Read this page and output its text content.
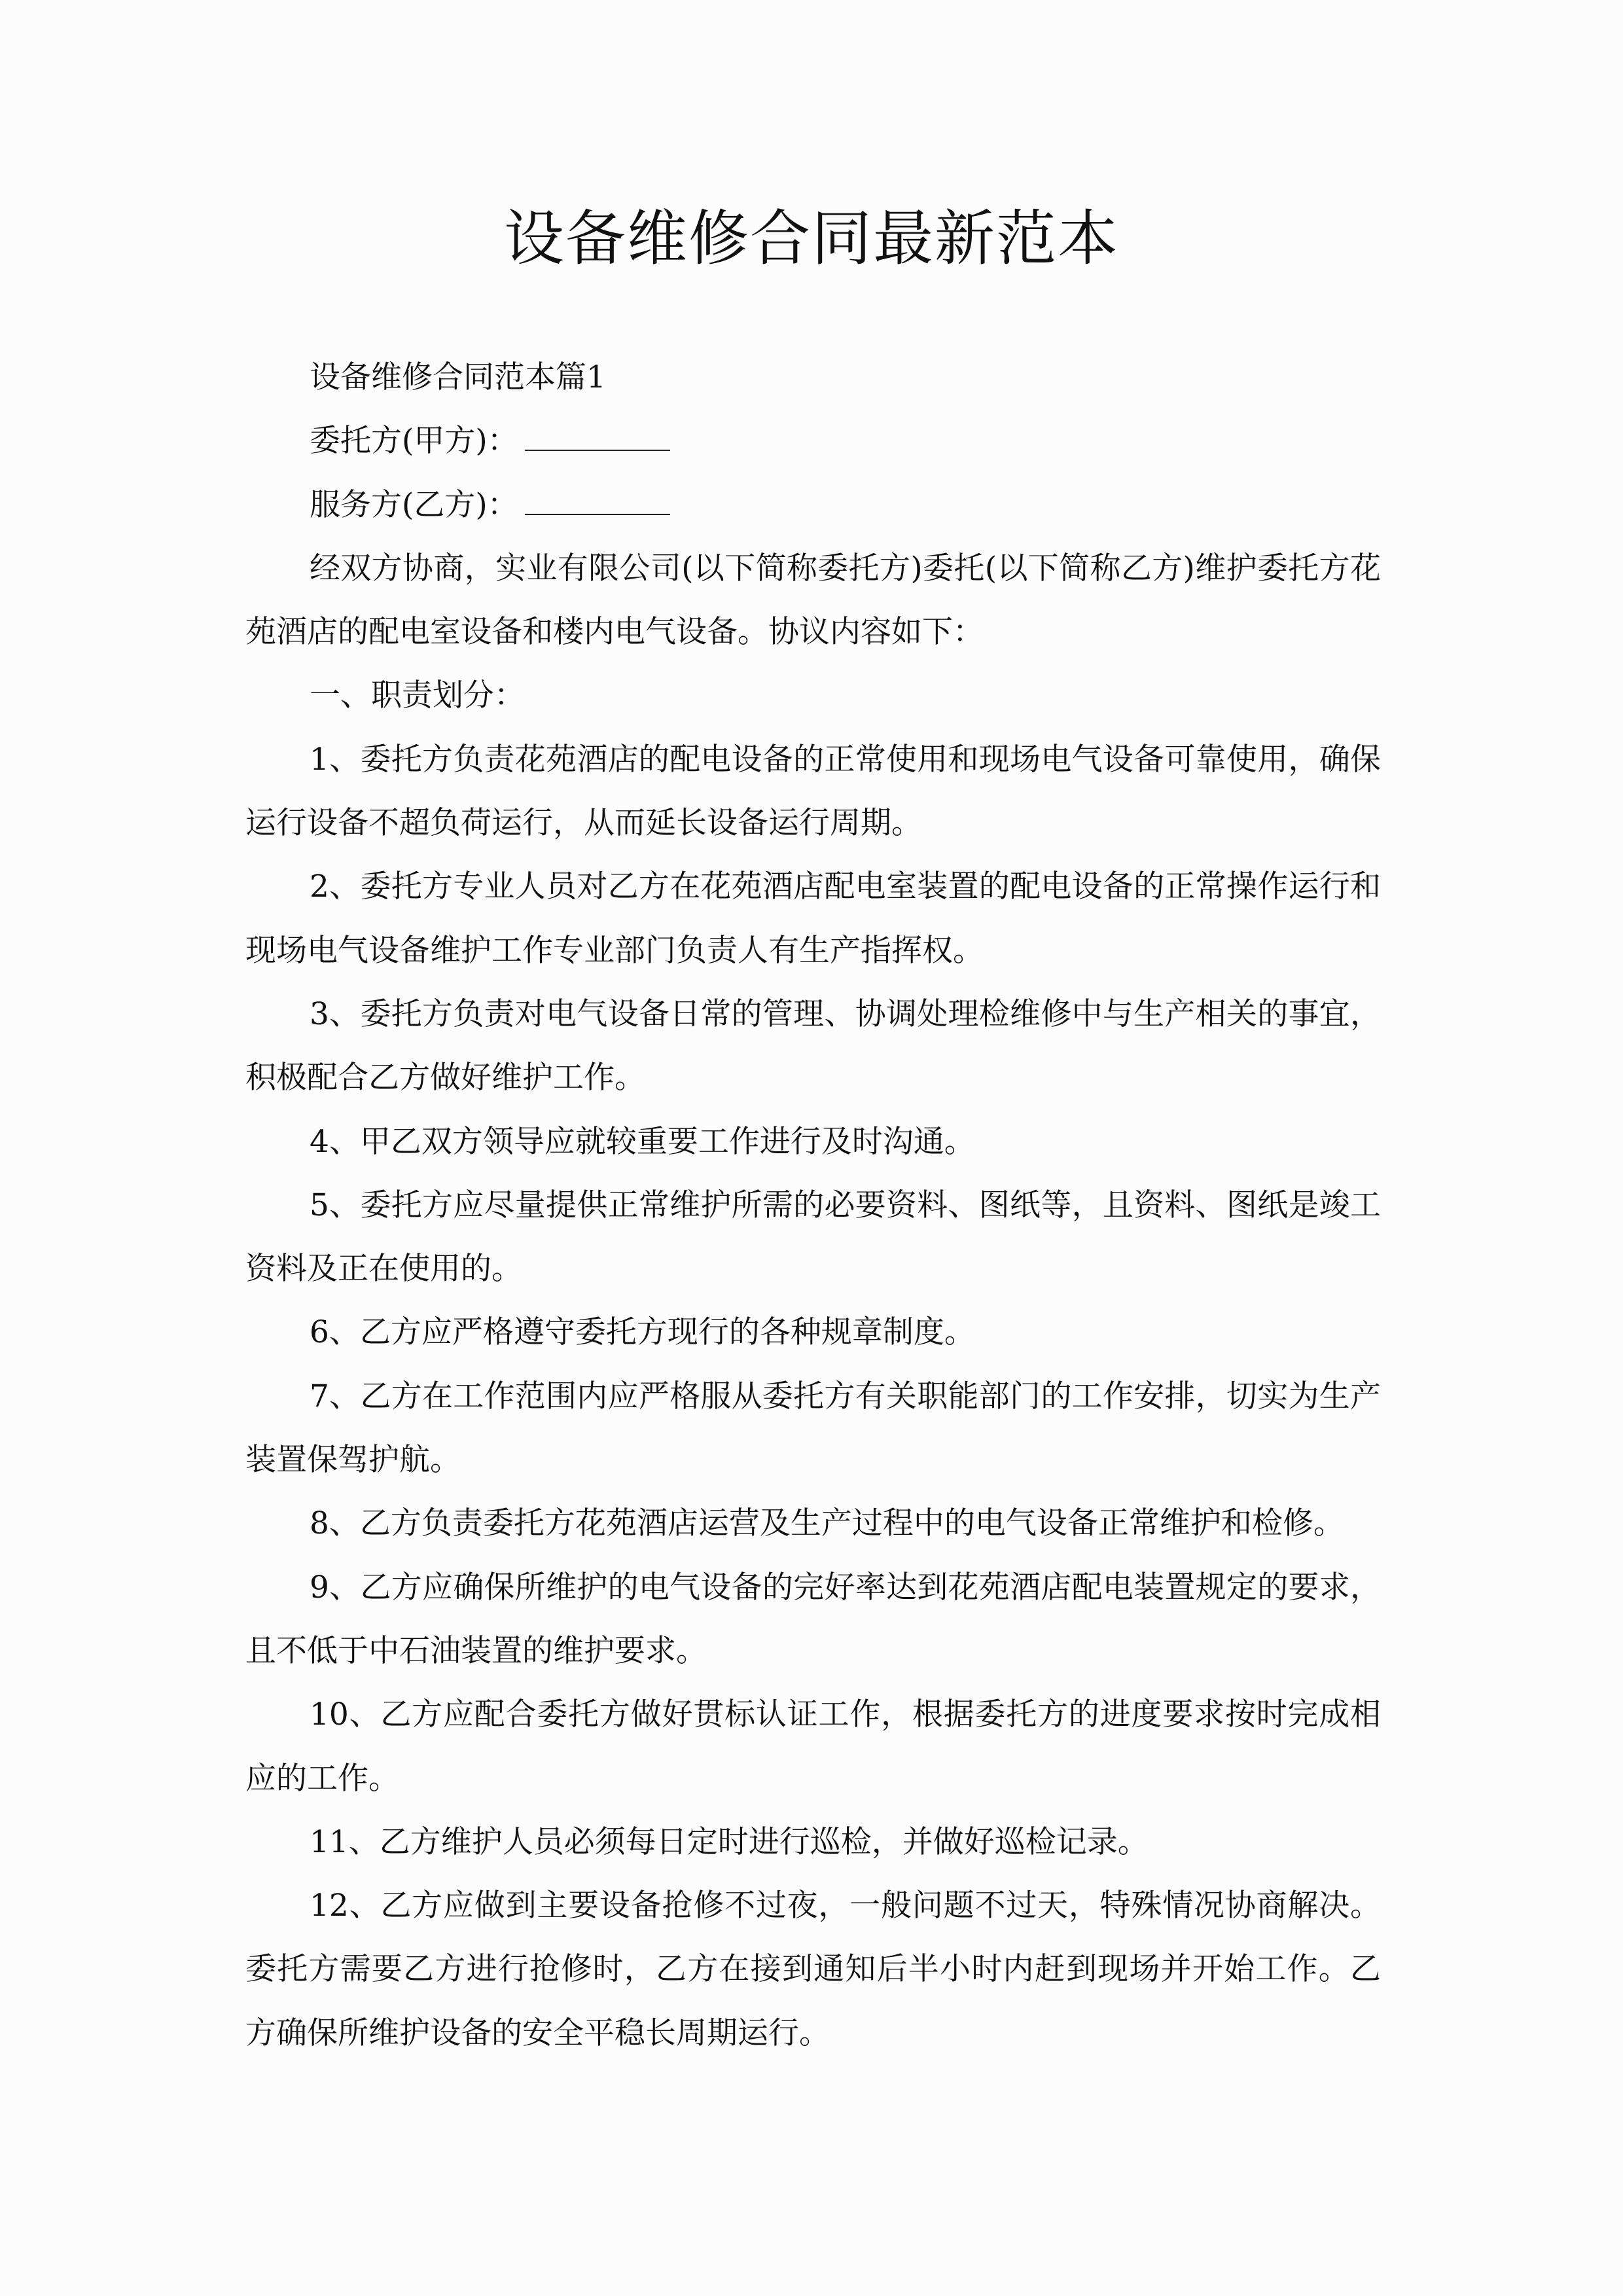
设备维修合同最新范本

设备维修合同范本篇1

委托方(甲方)：

服务方(乙方)：

经双方协商，实业有限公司(以下简称委托方)委托(以下简称乙方)维护委托方花苑酒店的配电室设备和楼内电气设备。协议内容如下：

一、职责划分：

1、委托方负责花苑酒店的配电设备的正常使用和现场电气设备可靠使用，确保运行设备不超负荷运行，从而延长设备运行周期。

2、委托方专业人员对乙方在花苑酒店配电室装置的配电设备的正常操作运行和现场电气设备维护工作专业部门负责人有生产指挥权。

3、委托方负责对电气设备日常的管理、协调处理检维修中与生产相关的事宜，积极配合乙方做好维护工作。

4、甲乙双方领导应就较重要工作进行及时沟通。

5、委托方应尽量提供正常维护所需的必要资料、图纸等，且资料、图纸是竣工资料及正在使用的。

6、乙方应严格遵守委托方现行的各种规章制度。

7、乙方在工作范围内应严格服从委托方有关职能部门的工作安排，切实为生产装置保驾护航。

8、乙方负责委托方花苑酒店运营及生产过程中的电气设备正常维护和检修。

9、乙方应确保所维护的电气设备的完好率达到花苑酒店配电装置规定的要求，且不低于中石油装置的维护要求。

10、乙方应配合委托方做好贯标认证工作，根据委托方的进度要求按时完成相应的工作。

11、乙方维护人员必须每日定时进行巡检，并做好巡检记录。

12、乙方应做到主要设备抢修不过夜，一般问题不过天，特殊情况协商解决。委托方需要乙方进行抢修时，乙方在接到通知后半小时内赶到现场并开始工作。乙方确保所维护设备的安全平稳长周期运行。
